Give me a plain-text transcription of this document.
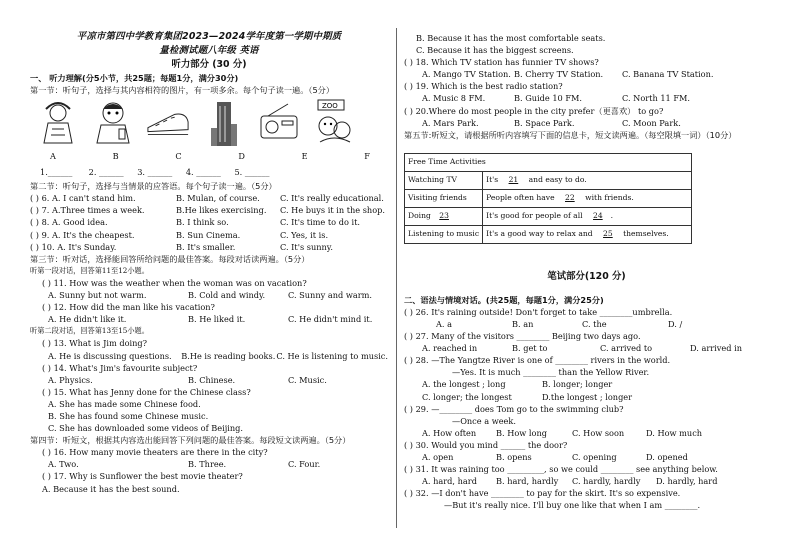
平凉市第四中学教育集团2023—2024学年度第一学期中期质
量检测试题八年级 英语
听力部分 (30 分)
一、 听力理解(分5小节，共25题；每题1分，满分30分)
第一节：听句子，选择与其内容相符的图片，有一项多余。每个句子读一遍。（5分）
ZOO
A	B	C	D	E	F
1.______ 2. ______ 3. ______ 4. ______ 5. ______
第二节：听句子，选择与当情景的应答语。每个句子读一遍。（5分）
( ) 6. A. I can't stand him.	B. Mulan, of course.	C. It's really educational.
( ) 7. A.Three times a week.	B.He likes exercising.	C. He buys it in the shop.
( ) 8. A. Good idea.	B. I think so.	C. It's time to do it.
( ) 9. A. It's the cheapest.	B. Sun Cinema.	C. Yes, it is.
( ) 10. A. It's Sunday.	B. It's smaller.	C. It's sunny.
第三节：听对话，选择能回答所给问题的最佳答案。每段对话读两遍。（5分）
听第一段对话，回答第11至12小题。
( ) 11. How was the weather when the woman was on vacation?
A. Sunny but not warm.	B. Cold and windy.	C. Sunny and warm.
( ) 12. How did the man like his vacation?
A. He didn't like it.	B. He liked it.	C. He didn't mind it.
听第二段对话，回答第13至15小题。
( ) 13. What is Jim doing?
A. He is discussing questions.	B.He is reading books. C. He is listening to music.
( ) 14. What's Jim's favourite subject?
A. Physics.	B. Chinese.	C. Music.
( ) 15. What has Jenny done for the Chinese class?
A. She has made some Chinese food.
B. She has found some Chinese music.
C. She has downloaded some videos of Beijing.
第四节：听短文，根据其内容选出能回答下列问题的最佳答案。每段短文读两遍。（5分）
( ) 16. How many movie theaters are there in the city?
A. Two.	B. Three.	C. Four.
( ) 17. Why is Sunflower the best movie theater?
A. Because it has the best sound.
B. Because it has the most comfortable seats.
C. Because it has the biggest screens.
( ) 18. Which TV station has funnier TV shows?
A. Mango TV Station. B. Cherry TV Station.	C. Banana TV Station.
( ) 19. Which is the best radio station?
A. Music 8 FM.	B. Guide 10 FM.	C. North 11 FM.
( ) 20.Where do most people in the city prefer（更喜欢） to go?
A. Mars Park.	B. Space Park.	C. Moon Park.
第五节:听短文，请根据所听内容填写下面的信息卡，短文读两遍。（每空限填一词）（10分）
Free Time Activities	
Watching TV	It's 21 and easy to do.
Visiting friends	People often have 22 with friends.
Doing 23	It's good for people of all 24 .
Listening to music	It's a good way to relax and 25 themselves.
笔试部分(120 分)
二、语法与情境对话。(共25题，每题1分，满分25分)
( ) 26. It's raining outside! Don't forget to take ________umbrella.
A. a	B. an	C. the	D. /
( ) 27. Many of the visitors ________ Beijing two days ago.
A. reached in	B. get to	C. arrived to	D. arrived in
( ) 28. —The Yangtze River is one of ________ rivers in the world.
—Yes. It is much ________ than the Yellow River.
A. the longest ; long	B. longer; longer
C. longer; the longest	D.the longest ; longer
( ) 29. —________ does Tom go to the swimming club?
—Once a week.
A. How often	B. How long	C. How soon	D. How much
( ) 30. Would you mind ______ the door?
A. open	B. opens	C. opening	D. opened
( ) 31. It was raining too _________, so we could ________ see anything below.
A. hard, hard	B. hard, hardly	C. hardly, hardly	D. hardly, hard
( ) 32. —I don't have ________ to pay for the skirt. It's so expensive.
—But it's really nice. I'll buy one like that when I am ________.
